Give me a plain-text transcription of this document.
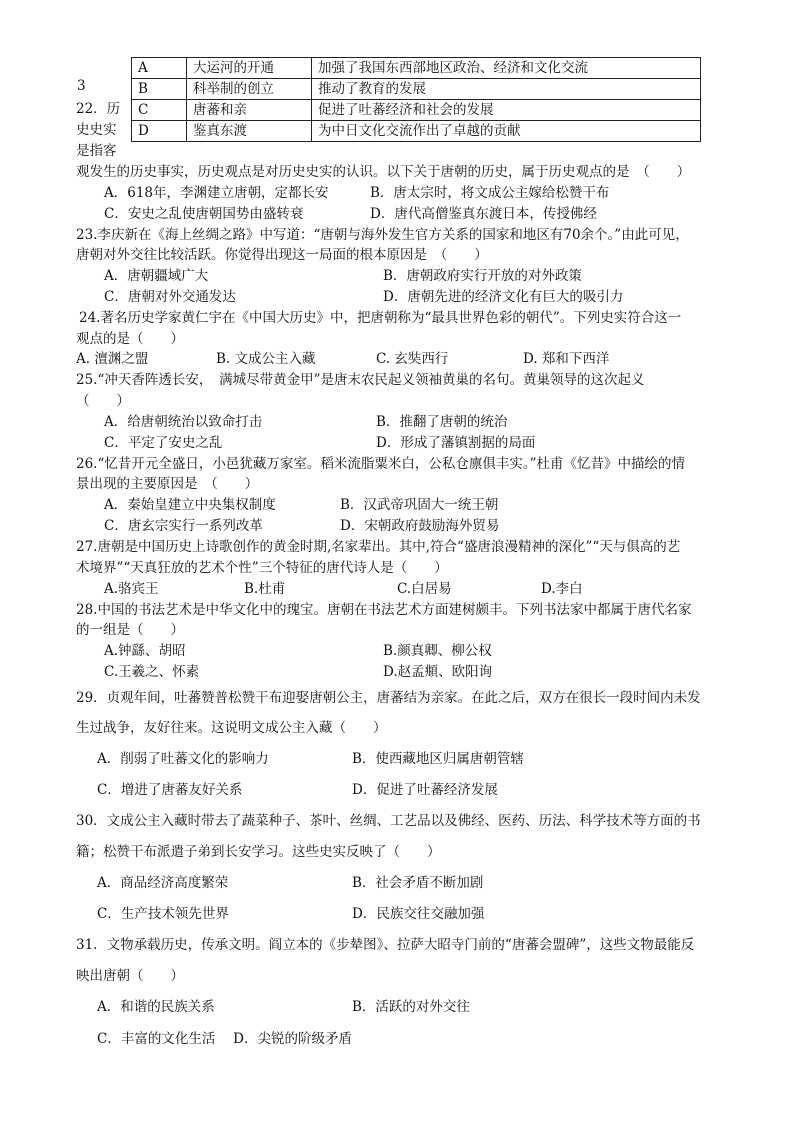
A	大运河的开通	加强了我国东西部地区政治、经济和文化交流
B	科举制的创立	推动了教育的发展
C	唐蕃和亲	促进了吐蕃经济和社会的发展
D	鉴真东渡	为中日文化交流作出了卓越的贡献
3
22．历
史史实
是指客
观发生的历史事实，历史观点是对历史史实的认识。以下关于唐朝的历史，属于历史观点的是　（　　）
A．618年，李渊建立唐朝，定都长安	B．唐太宗时，将文成公主嫁给松赞干布
C．安史之乱使唐朝国势由盛转衰	D．唐代高僧鉴真东渡日本，传授佛经
23.李庆新在《海上丝绸之路》中写道：“唐朝与海外发生官方关系的国家和地区有70余个。”由此可见，
唐朝对外交往比较活跃。你觉得出现这一局面的根本原因是　（　　）
A．唐朝疆域广大	B．唐朝政府实行开放的对外政策
C．唐朝对外交通发达	D．唐朝先进的经济文化有巨大的吸引力
24.著名历史学家黄仁宇在《中国大历史》中，把唐朝称为“最具世界色彩的朝代”。下列史实符合这一
观点的是（　　）
A. 澶渊之盟	B. 文成公主入藏	C. 玄奘西行	D. 郑和下西洋
25.“冲天香阵透长安，　满城尽带黄金甲”是唐末农民起义领袖黄巢的名句。黄巢领导的这次起义
（　　）
A．给唐朝统治以致命打击	B．推翻了唐朝的统治
C．平定了安史之乱	D．形成了藩镇割据的局面
26.“忆昔开元全盛日，小邑犹藏万家室。稻米流脂粟米白，公私仓廪俱丰实。”杜甫《忆昔》中描绘的情
景出现的主要原因是　（　　）
A．秦始皇建立中央集权制度	B．汉武帝巩固大一统王朝
C．唐玄宗实行一系列改革	D．宋朝政府鼓励海外贸易
27.唐朝是中国历史上诗歌创作的黄金时期,名家辈出。其中,符合“盛唐浪漫精神的深化”“天与俱高的艺
术境界”“天真狂放的艺术个性”三个特征的唐代诗人是（　　）
A.骆宾王	B.杜甫	C.白居易	D.李白
28.中国的书法艺术是中华文化中的瑰宝。唐朝在书法艺术方面建树颇丰。下列书法家中都属于唐代名家
的一组是（　　）
A.钟繇、胡昭	B.颜真卿、柳公权
C.王羲之、怀素	D.赵孟頫、欧阳询
29．贞观年间，吐蕃赞普松赞干布迎娶唐朝公主，唐蕃结为亲家。在此之后，双方在很长一段时间内未发
生过战争，友好往来。这说明文成公主入藏（　　）
A．削弱了吐蕃文化的影响力	B．使西藏地区归属唐朝管辖
C．增进了唐蕃友好关系	D．促进了吐蕃经济发展
30．文成公主入藏时带去了蔬菜种子、茶叶、丝绸、工艺品以及佛经、医药、历法、科学技术等方面的书
籍；松赞干布派遣子弟到长安学习。这些史实反映了（　　）
A．商品经济高度繁荣	B．社会矛盾不断加剧
C．生产技术领先世界	D．民族交往交融加强
31．文物承载历史，传承文明。阎立本的《步辇图》、拉萨大昭寺门前的“唐蕃会盟碑”，这些文物最能反
映出唐朝（　　）
A．和谐的民族关系	B．活跃的对外交往
C．丰富的文化生活　 D．尖锐的阶级矛盾
